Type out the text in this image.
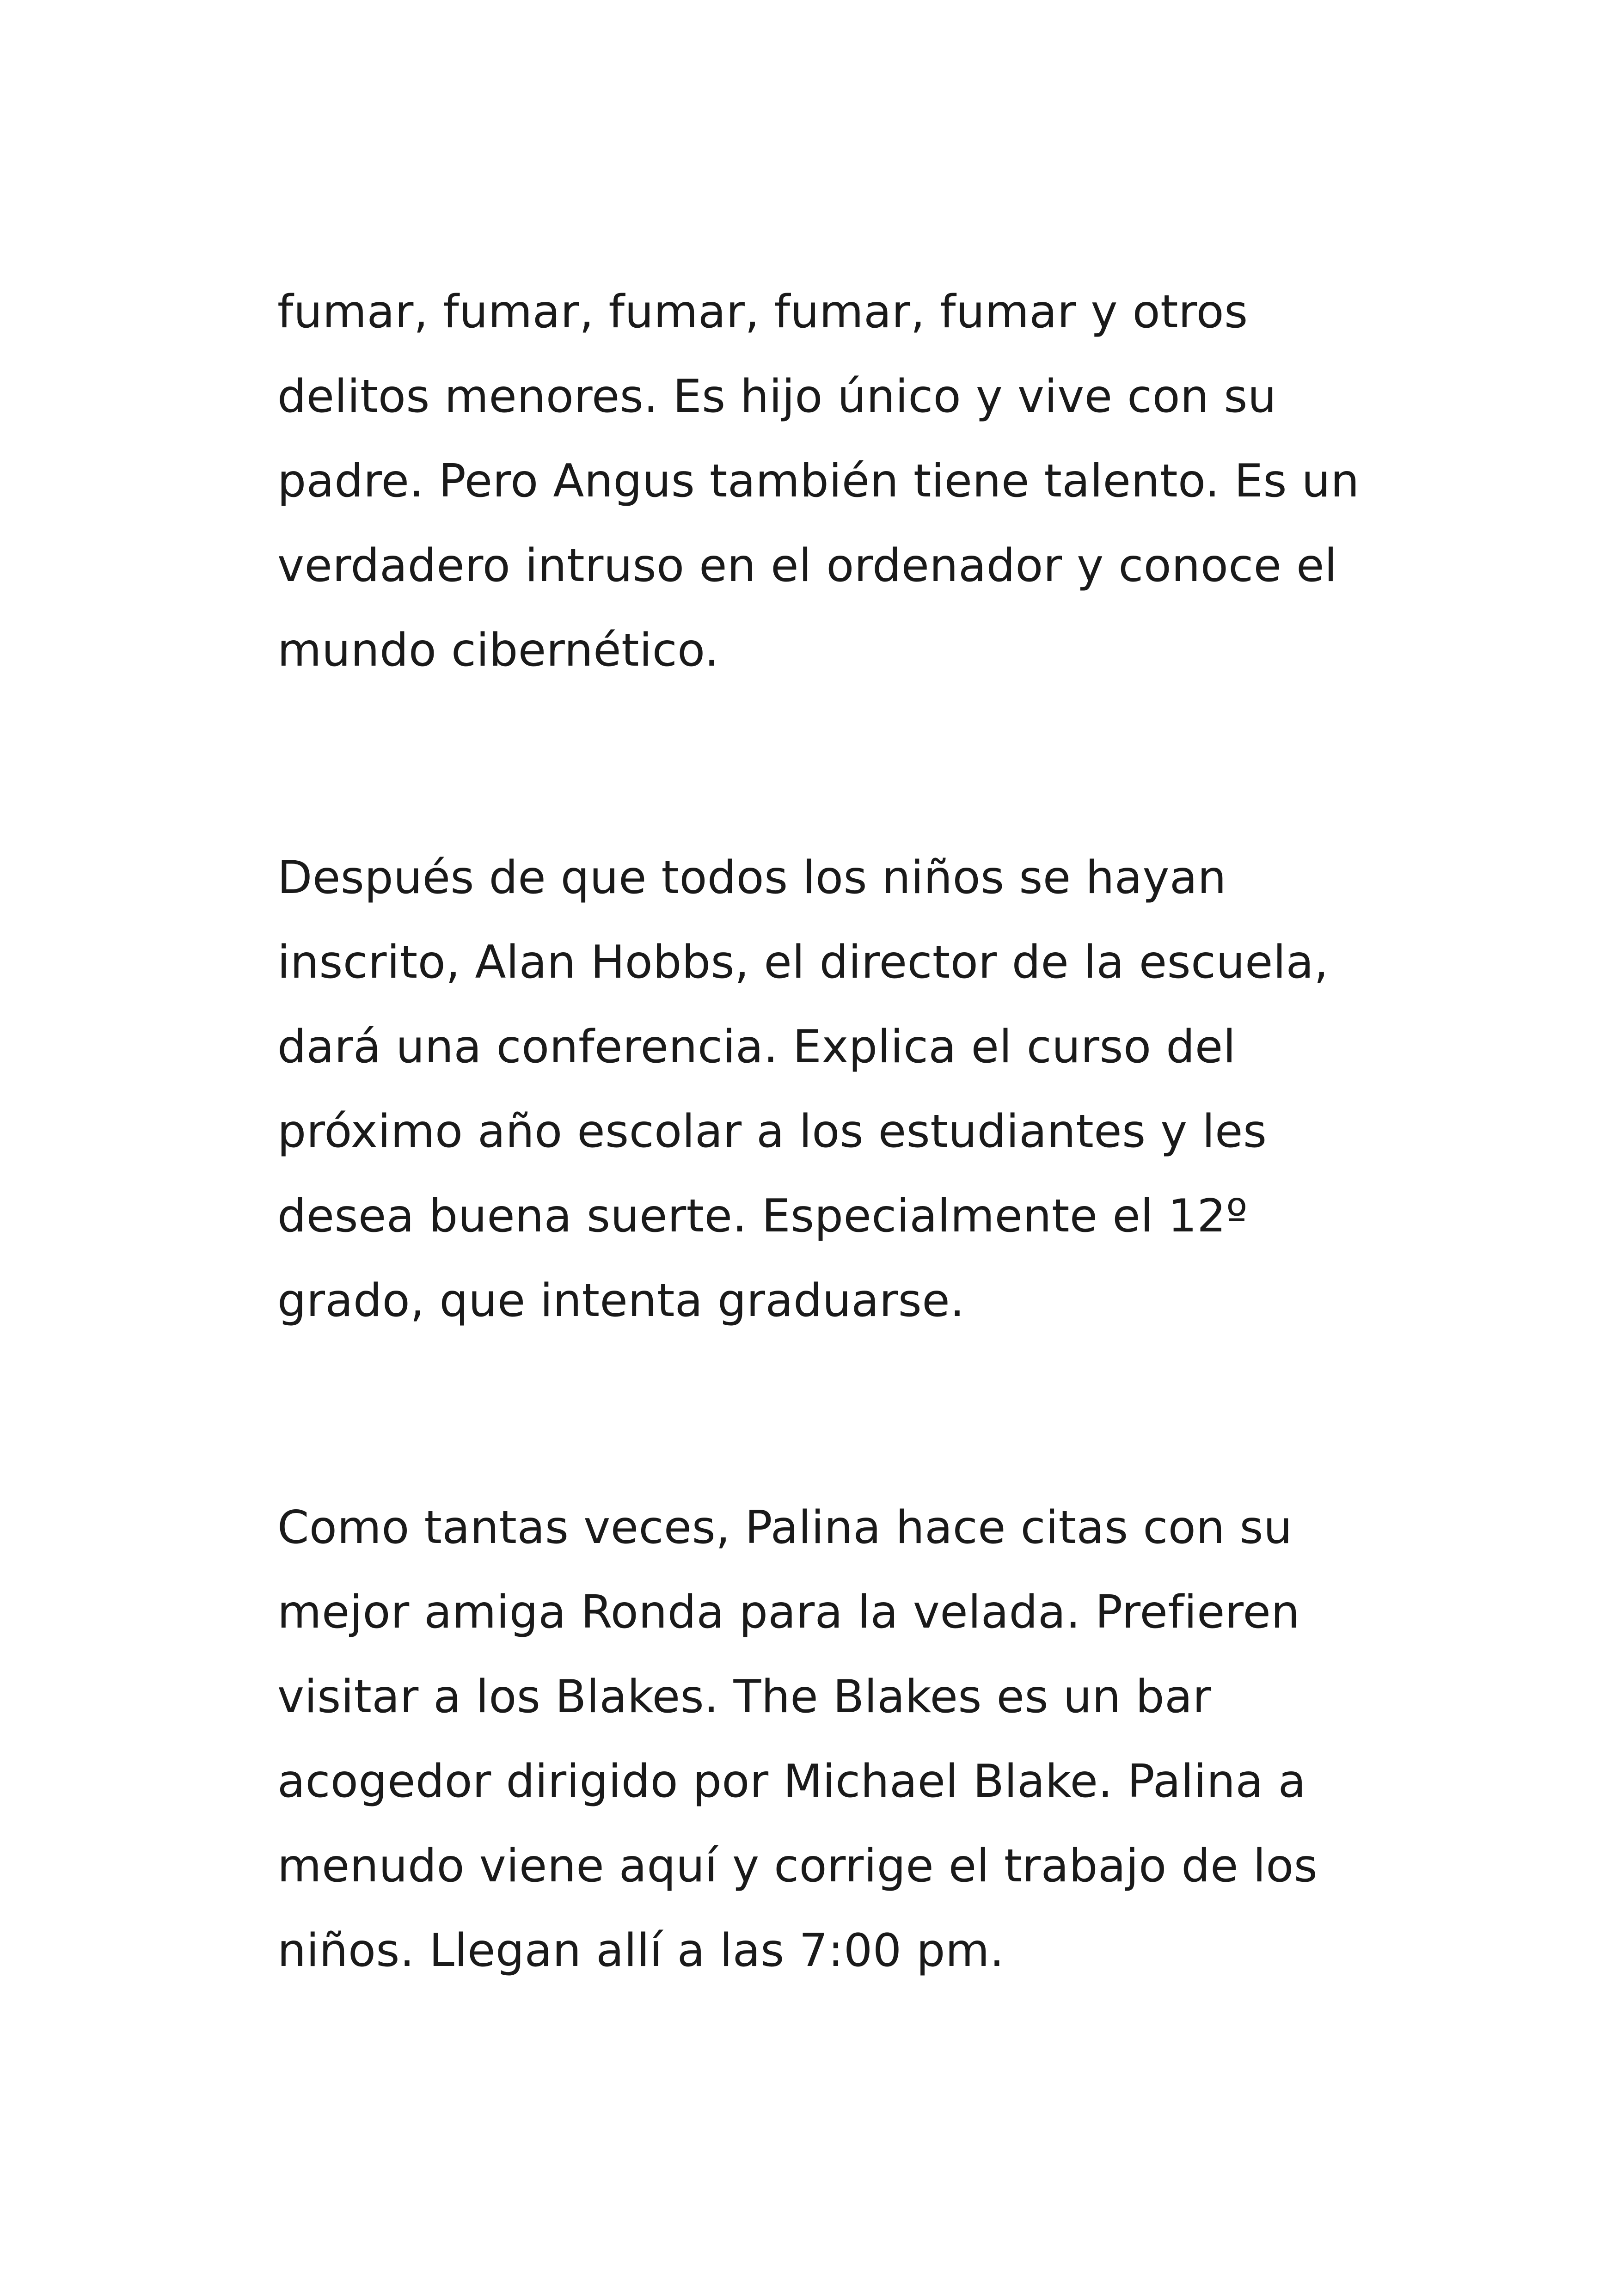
fumar, fumar, fumar, fumar, fumar y otros
delitos menores. Es hijo único y vive con su
padre. Pero Angus también tiene talento. Es un
verdadero intruso en el ordenador y conoce el
mundo cibernético.
Después de que todos los niños se hayan
inscrito, Alan Hobbs, el director de la escuela,
dará una conferencia. Explica el curso del
próximo año escolar a los estudiantes y les
desea buena suerte. Especialmente el 12º
grado, que intenta graduarse.
Como tantas veces, Palina hace citas con su
mejor amiga Ronda para la velada. Prefieren
visitar a los Blakes. The Blakes es un bar
acogedor dirigido por Michael Blake. Palina a
menudo viene aquí y corrige el trabajo de los
niños. Llegan allí a las 7:00 pm.
